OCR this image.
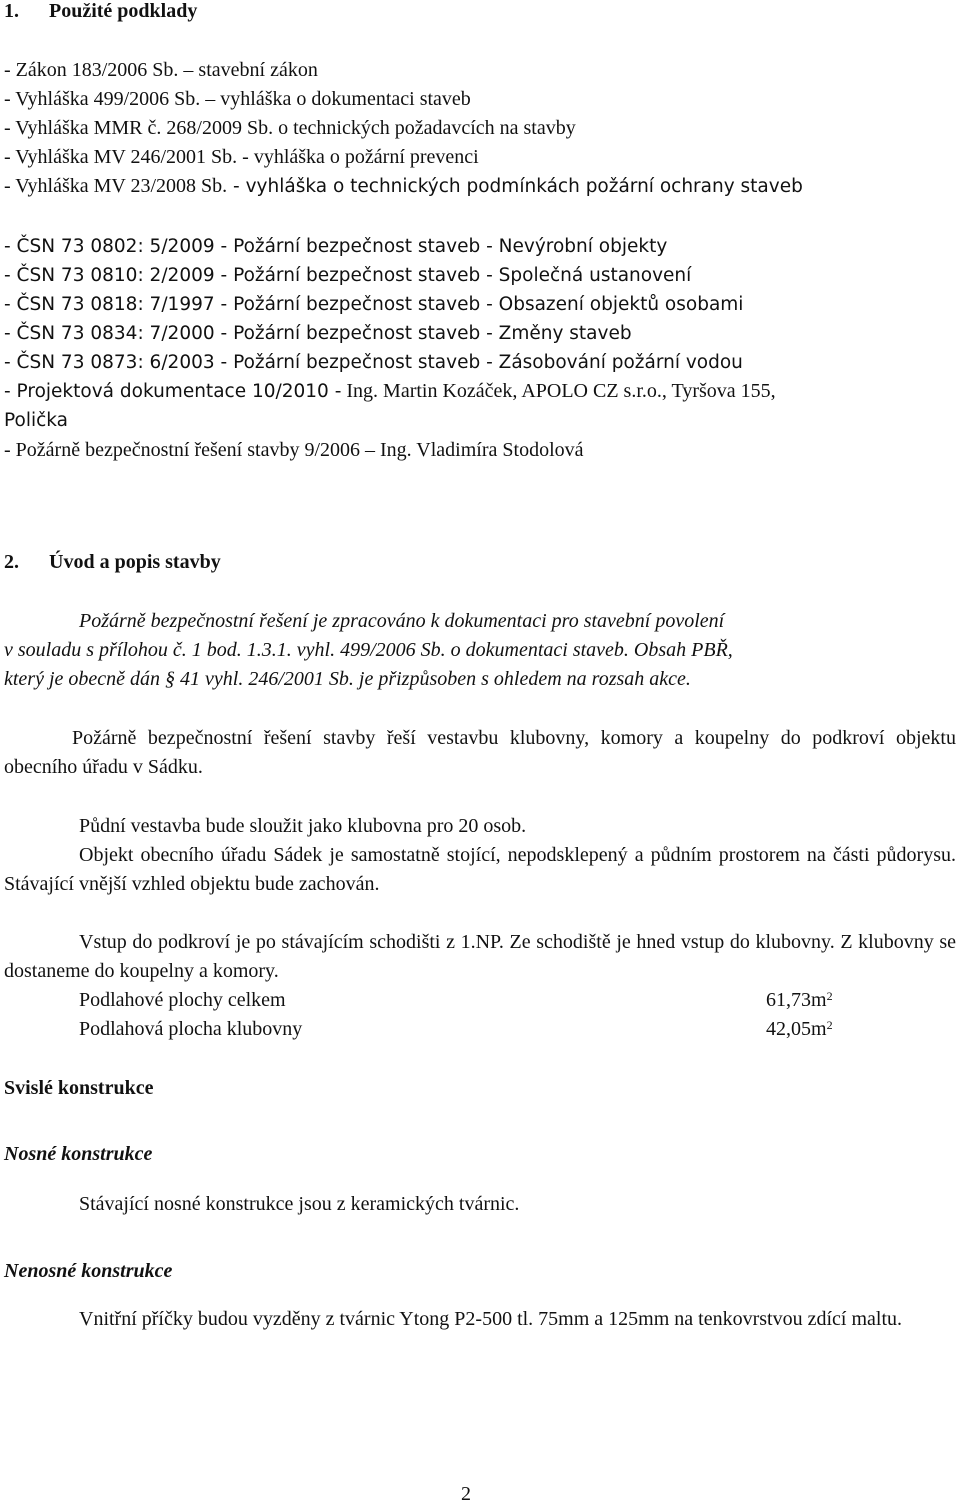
1.      Použité podklady
- Zákon 183/2006 Sb. – stavební zákon
- Vyhláška 499/2006 Sb. – vyhláška o dokumentaci staveb
- Vyhláška MMR č. 268/2009 Sb. o technických požadavcích na stavby
- Vyhláška MV 246/2001 Sb. - vyhláška o požární prevenci
- Vyhláška MV 23/2008 Sb. - vyhláška o technických podmínkách požární ochrany staveb
- ČSN 73 0802: 5/2009 - Požární bezpečnost staveb - Nevýrobní objekty
- ČSN 73 0810: 2/2009 - Požární bezpečnost staveb - Společná ustanovení
- ČSN 73 0818: 7/1997 - Požární bezpečnost staveb - Obsazení objektů osobami
- ČSN 73 0834: 7/2000 - Požární bezpečnost staveb - Změny staveb
- ČSN 73 0873: 6/2003 - Požární bezpečnost staveb - Zásobování požární vodou
- Projektová dokumentace 10/2010 - Ing. Martin Kozáček, APOLO CZ s.r.o., Tyršova 155,
Polička
- Požárně bezpečnostní řešení stavby 9/2006 – Ing. Vladimíra Stodolová
2.      Úvod a popis stavby
Požárně bezpečnostní řešení je zpracováno k dokumentaci pro stavební povolení
v souladu s přílohou č. 1 bod. 1.3.1. vyhl. 499/2006 Sb. o dokumentaci staveb. Obsah PBŘ,
který je obecně dán § 41 vyhl. 246/2001 Sb. je přizpůsoben s ohledem na rozsah akce.

Požárně bezpečnostní řešení stavby řeší vestavbu klubovny, komory a koupelny do podkroví objektu obecního úřadu v Sádku.

Půdní vestavba bude sloužit jako klubovna pro 20 osob.

Objekt obecního úřadu Sádek je samostatně stojící, nepodsklepený a půdním prostorem na části půdorysu. Stávající vnější vzhled objektu bude zachován.

Vstup do podkroví je po stávajícím schodišti z 1.NP. Ze schodiště je hned vstup do klubovny. Z klubovny se dostaneme do koupelny a komory.

Podlahové plochy celkem	$61,73m^2$
Podlahová plocha klubovny	$42,05m^2$
Svislé konstrukce
Nosné konstrukce
Stávající nosné konstrukce jsou z keramických tvárnic.
Nenosné konstrukce

Vnitřní příčky budou vyzděny z tvárnic Ytong P2-500 tl. 75mm a 125mm na tenkovrstvou zdící maltu.

2
